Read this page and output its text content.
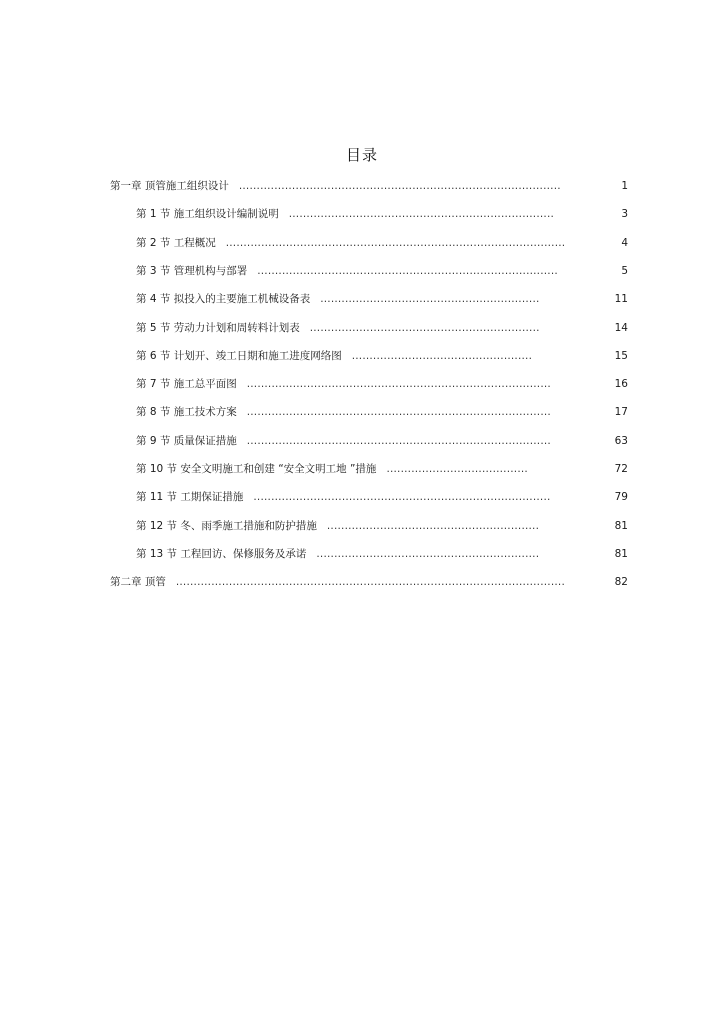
目录
第一章 顶管施工组织设计 ...........................................................................................	1
第 1 节 施工组织设计编制说明 ...........................................................................	3
第 2 节 工程概况 ................................................................................................	4
第 3 节 管理机构与部署 .....................................................................................	5
第 4 节 拟投入的主要施工机械设备表 ..............................................................	11
第 5 节 劳动力计划和周转料计划表 .................................................................	14
第 6 节 计划开、竣工日期和施工进度网络图 ...................................................	15
第 7 节 施工总平面图 ......................................................................................	16
第 8 节 施工技术方案 ......................................................................................	17
第 9 节 质量保证措施 ......................................................................................	63
第 10 节 安全文明施工和创建 “安全文明工地 ”措施 ........................................	72
第 11 节 工期保证措施 ....................................................................................	79
第 12 节 冬、雨季施工措施和防护措施 ............................................................	81
第 13 节 工程回访、保修服务及承诺 ...............................................................	81
第二章 顶管 ..............................................................................................................	82
